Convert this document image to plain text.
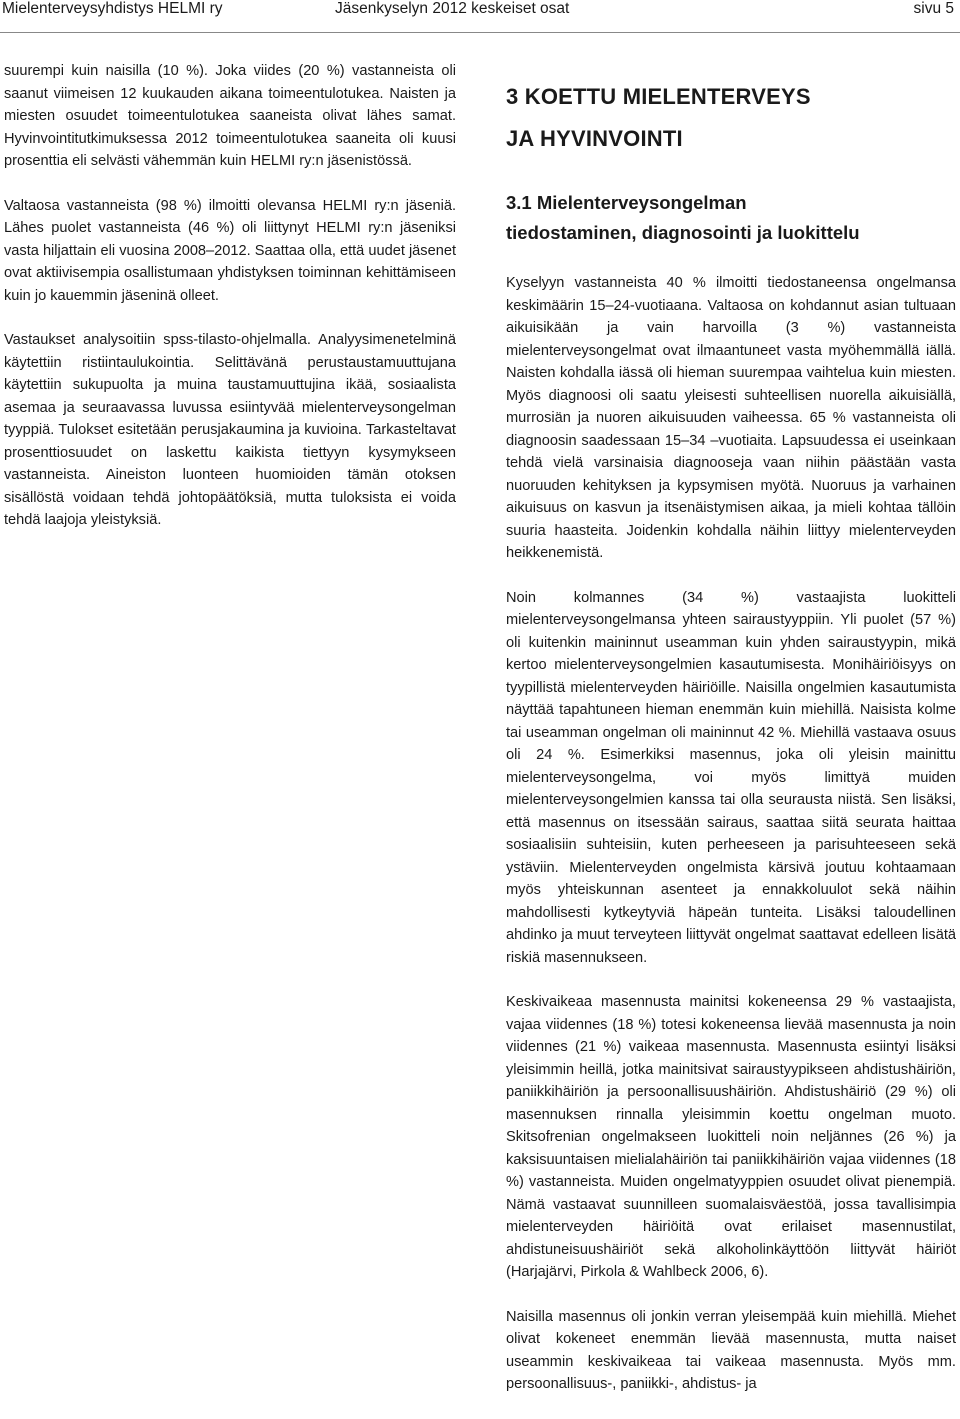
Mielenterveysyhdistys HELMI ry	Jäsenkyselyn 2012 keskeiset osat	sivu 5

suurempi kuin naisilla (10 %). Joka viides (20 %) vastanneista oli saanut viimeisen 12 kuukauden aikana toimeentulotukea. Naisten ja miesten osuudet toimeentulotukea saaneista olivat lähes samat. Hyvinvointitutkimuksessa 2012 toimeentulotukea saaneita oli kuusi prosenttia eli selvästi vähemmän kuin HELMI ry:n jäsenistössä.

Valtaosa vastanneista (98 %) ilmoitti olevansa HELMI ry:n jäseniä. Lähes puolet vastanneista (46 %) oli liittynyt HELMI ry:n jäseniksi vasta hiljattain eli vuosina 2008–2012. Saattaa olla, että uudet jäsenet ovat aktiivisempia osallistumaan yhdistyksen toiminnan kehittämiseen kuin jo kauemmin jäseninä olleet.

Vastaukset analysoitiin spss-tilasto-ohjelmalla. Analyysimenetelminä käytettiin ristiintaulukointia. Selittävänä perustaustamuuttujana käytettiin sukupuolta ja muina taustamuuttujina ikää, sosiaalista asemaa ja seuraavassa luvussa esiintyvää mielenterveysongelman tyyppiä. Tulokset esitetään perusjakaumina ja kuvioina. Tarkasteltavat prosenttiosuudet on laskettu kaikista tiettyyn kysymykseen vastanneista. Aineiston luonteen huomioiden tämän otoksen sisällöstä voidaan tehdä johtopäätöksiä, mutta tuloksista ei voida tehdä laajoja yleistyksiä.

3 KOETTU MIELENTERVEYS
JA HYVINVOINTI
3.1 Mielenterveysongelman
tiedostaminen, diagnosointi ja luokittelu

Kyselyyn vastanneista 40 % ilmoitti tiedostaneensa ongelmansa keskimäärin 15–24-vuotiaana. Valtaosa on kohdannut asian tultuaan aikuisikään ja vain harvoilla (3 %) vastanneista mielenterveysongelmat ovat ilmaantuneet vasta myöhemmällä iällä. Naisten kohdalla iässä oli hieman suurempaa vaihtelua kuin miesten. Myös diagnoosi oli saatu yleisesti suhteellisen nuorella aikuisiällä, murrosiän ja nuoren aikuisuuden vaiheessa. 65 % vastanneista oli diagnoosin saadessaan 15–34 –vuotiaita. Lapsuudessa ei useinkaan tehdä vielä varsinaisia diagnooseja vaan niihin päästään vasta nuoruuden kehityksen ja kypsymisen myötä. Nuoruus ja varhainen aikuisuus on kasvun ja itsenäistymisen aikaa, ja mieli kohtaa tällöin suuria haasteita. Joidenkin kohdalla näihin liittyy mielenterveyden heikkenemistä.

Noin kolmannes (34 %) vastaajista luokitteli mielenterveysongelmansa yhteen sairaustyyppiin. Yli puolet (57 %) oli kuitenkin maininnut useamman kuin yhden sairaustyypin, mikä kertoo mielenterveysongelmien kasautumisesta. Monihäiriöisyys on tyypillistä mielenterveyden häiriöille. Naisilla ongelmien kasautumista näyttää tapahtuneen hieman enemmän kuin miehillä. Naisista kolme tai useamman ongelman oli maininnut 42 %. Miehillä vastaava osuus oli 24 %. Esimerkiksi masennus, joka oli yleisin mainittu mielenterveysongelma, voi myös limittyä muiden mielenterveysongelmien kanssa tai olla seurausta niistä. Sen lisäksi, että masennus on itsessään sairaus, saattaa siitä seurata haittaa sosiaalisiin suhteisiin, kuten perheeseen ja parisuhteeseen sekä ystäviin. Mielenterveyden ongelmista kärsivä joutuu kohtaamaan myös yhteiskunnan asenteet ja ennakkoluulot sekä näihin mahdollisesti kytkeytyviä häpeän tunteita. Lisäksi taloudellinen ahdinko ja muut terveyteen liittyvät ongelmat saattavat edelleen lisätä riskiä masennukseen.

Keskivaikeaa masennusta mainitsi kokeneensa 29 % vastaajista, vajaa viidennes (18 %) totesi kokeneensa lievää masennusta ja noin viidennes (21 %) vaikeaa masennusta. Masennusta esiintyi lisäksi yleisimmin heillä, jotka mainitsivat sairaustyypikseen ahdistushäiriön, paniikkihäiriön ja persoonallisuushäiriön. Ahdistushäiriö (29 %) oli masennuksen rinnalla yleisimmin koettu ongelman muoto. Skitsofrenian ongelmakseen luokitteli noin neljännes (26 %) ja kaksisuuntaisen mielialahäiriön tai paniikkihäiriön vajaa viidennes (18 %) vastanneista. Muiden ongelmatyyppien osuudet olivat pienempiä. Nämä vastaavat suunnilleen suomalaisväestöä, jossa tavallisimpia mielenterveyden häiriöitä ovat erilaiset masennustilat, ahdistuneisuushäiriöt sekä alkoholinkäyttöön liittyvät häiriöt (Harjajärvi, Pirkola & Wahlbeck 2006, 6).

Naisilla masennus oli jonkin verran yleisempää kuin miehillä. Miehet olivat kokeneet enemmän lievää masennusta, mutta naiset useammin keskivaikeaa tai vaikeaa masennusta. Myös mm. persoonallisuus-, paniikki-, ahdistus- ja
